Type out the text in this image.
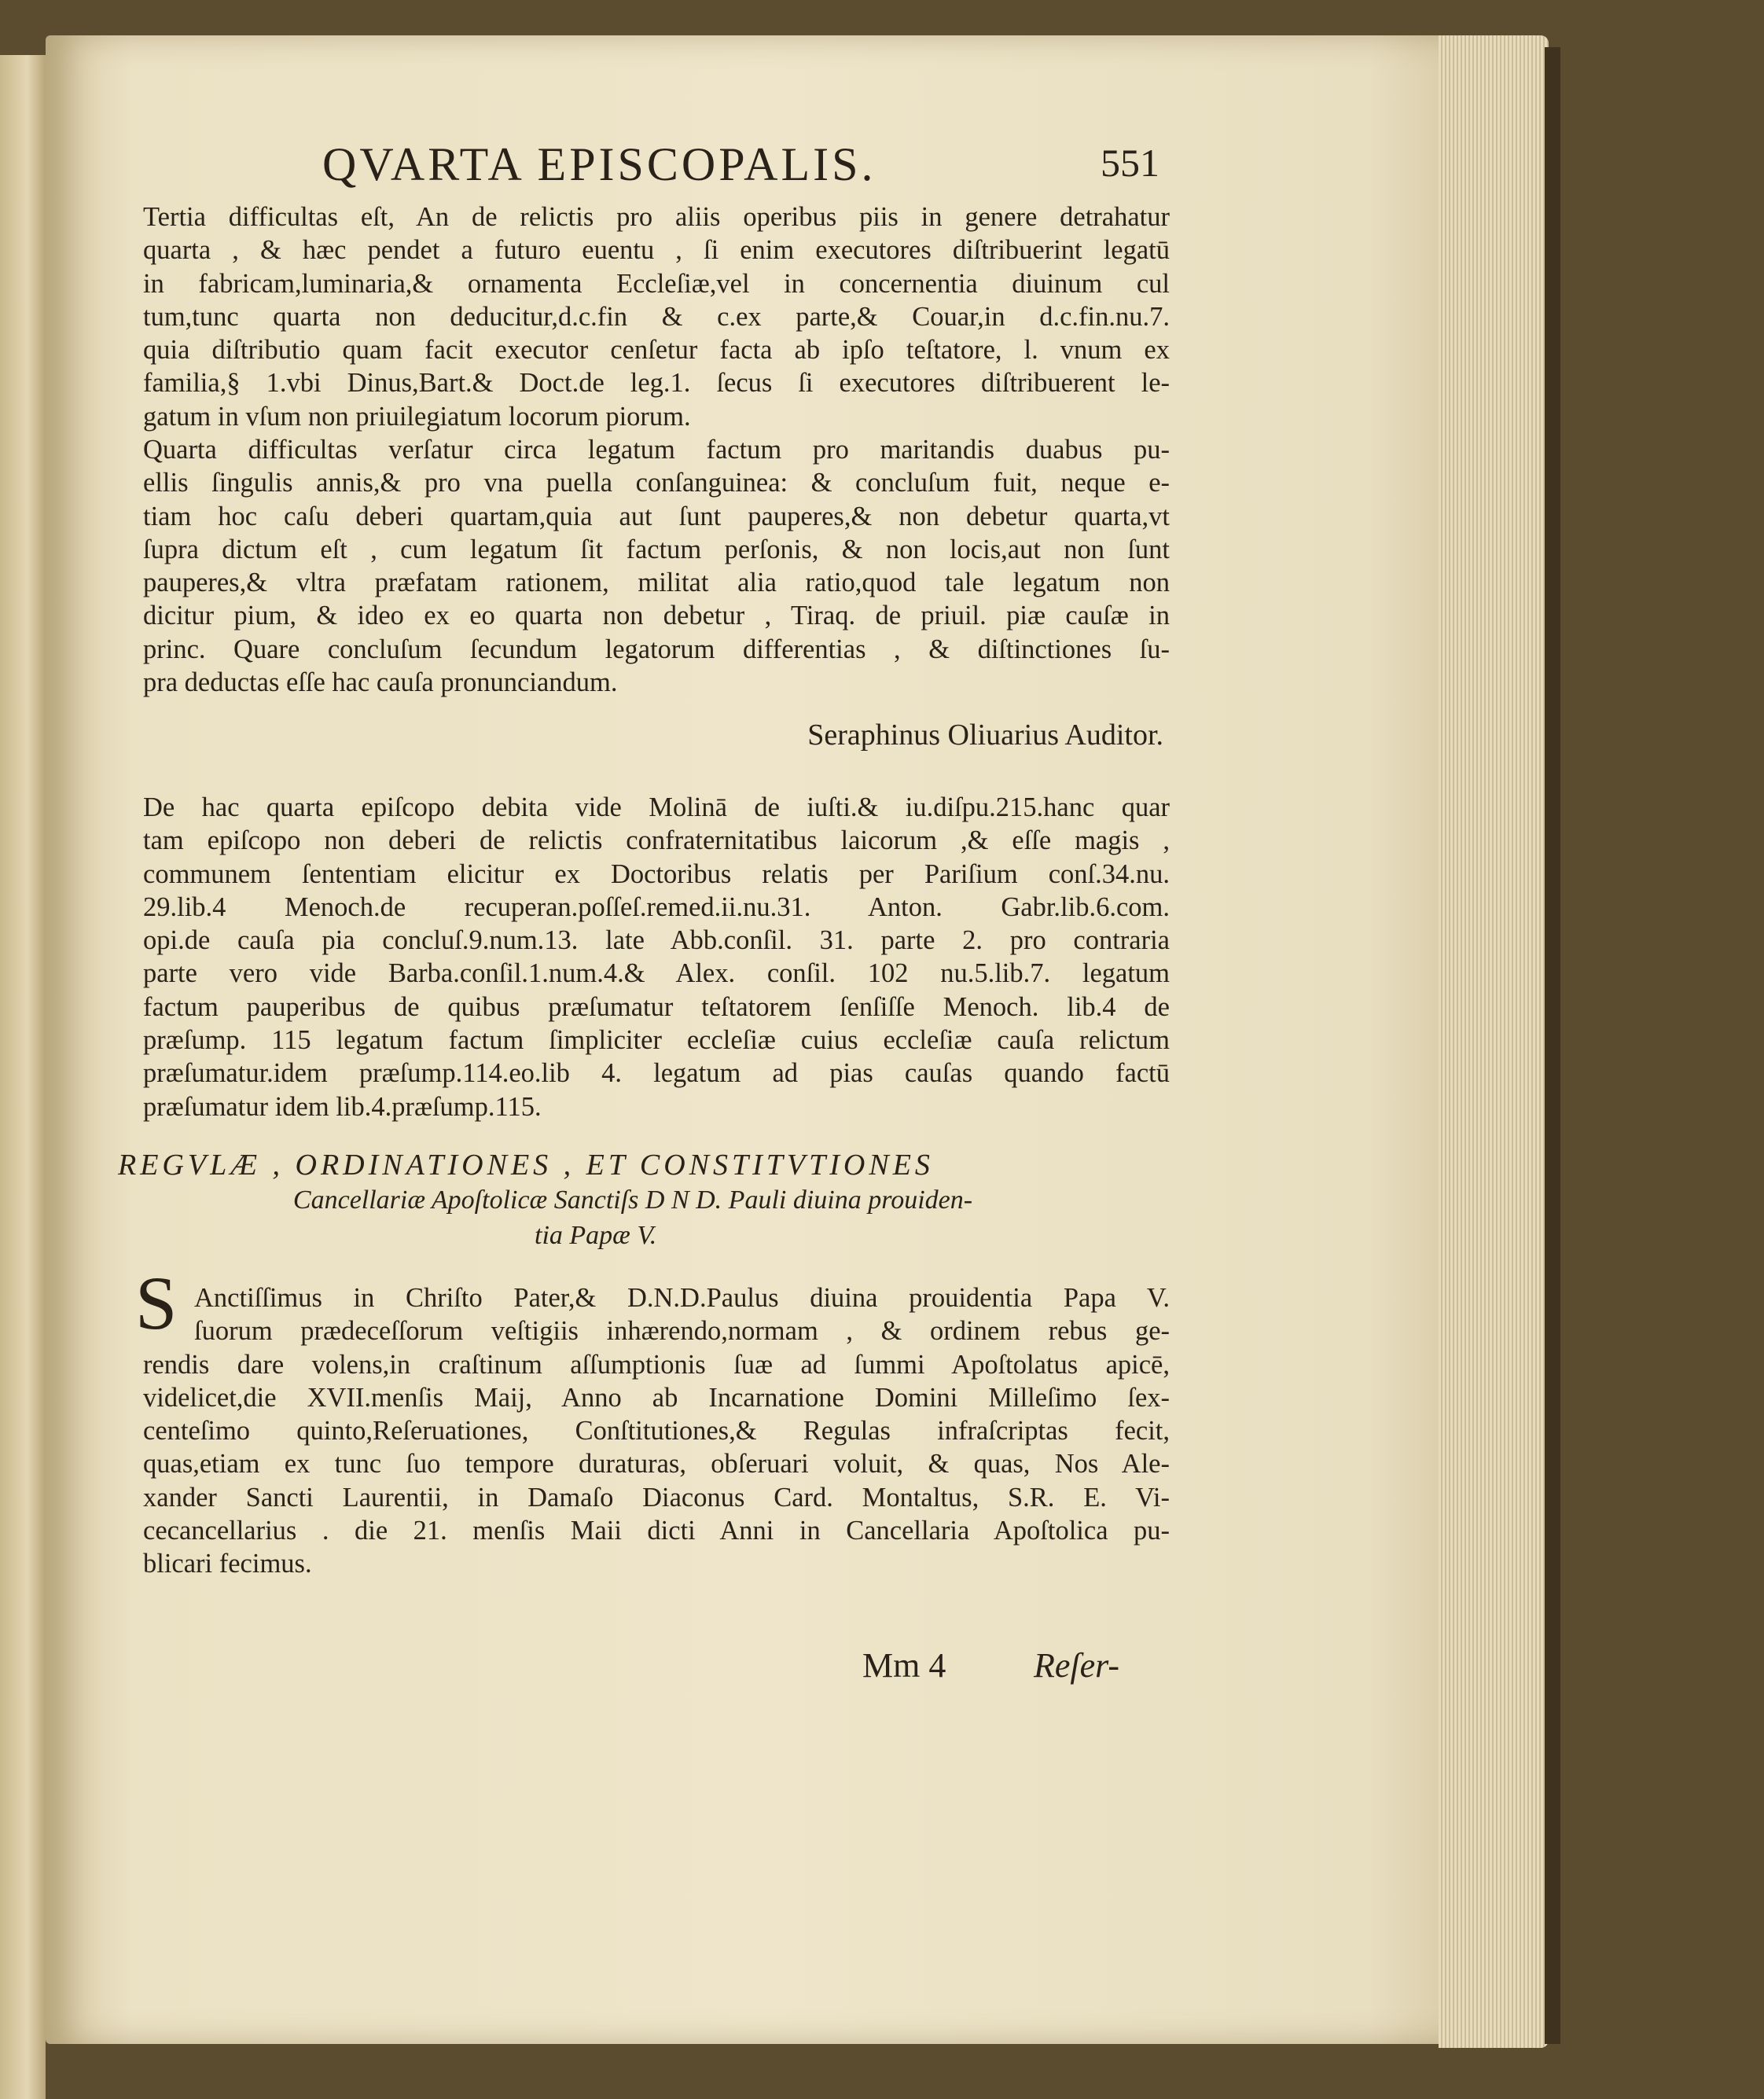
QVARTA EPISCOPALIS.	551
Tertia difficultas eſt, An de relictis pro aliis operibus piis in genere detrahatur
quarta , & hæc pendet a futuro euentu , ſi enim executores diſtribuerint legatū
in fabricam,luminaria,& ornamenta Eccleſiæ,vel in concernentia diuinum cul
tum,tunc quarta non deducitur,d.c.fin & c.ex parte,& Couar,in d.c.fin.nu.7.
quia diſtributio quam facit executor cenſetur facta ab ipſo teſtatore, l. vnum ex
familia,§ 1.vbi Dinus,Bart.& Doct.de leg.1. ſecus ſi executores diſtribuerent le-
gatum in vſum non priuilegiatum locorum piorum.
Quarta difficultas verſatur circa legatum factum pro maritandis duabus pu-
ellis ſingulis annis,& pro vna puella conſanguinea: & concluſum fuit, neque e-
tiam hoc caſu deberi quartam,quia aut ſunt pauperes,& non debetur quarta,vt
ſupra dictum eſt , cum legatum ſit factum perſonis, & non locis,aut non ſunt
pauperes,& vltra præfatam rationem, militat alia ratio,quod tale legatum non
dicitur pium, & ideo ex eo quarta non debetur , Tiraq. de priuil. piæ cauſæ in
princ. Quare concluſum ſecundum legatorum differentias , & diſtinctiones ſu-
pra deductas eſſe hac cauſa pronunciandum.
Seraphinus Oliuarius Auditor.
De hac quarta epiſcopo debita vide Molinā de iuſti.& iu.diſpu.215.hanc quar
tam epiſcopo non deberi de relictis confraternitatibus laicorum ,& eſſe magis ,
communem ſententiam elicitur ex Doctoribus relatis per Pariſium conſ.34.nu.
29.lib.4 Menoch.de recuperan.poſſeſ.remed.ii.nu.31. Anton. Gabr.lib.6.com.
opi.de cauſa pia concluſ.9.num.13. late Abb.conſil. 31. parte 2. pro contraria
parte vero vide Barba.conſil.1.num.4.& Alex. conſil. 102 nu.5.lib.7. legatum
factum pauperibus de quibus præſumatur teſtatorem ſenſiſſe Menoch. lib.4 de
præſump. 115 legatum factum ſimpliciter eccleſiæ cuius eccleſiæ cauſa relictum
præſumatur.idem præſump.114.eo.lib 4. legatum ad pias cauſas quando factū
præſumatur idem lib.4.præſump.115.
REGVLÆ , ORDINATIONES , ET CONSTITVTIONES
Cancellariæ Apoſtolicæ Sanctiſs D N D. Pauli diuina prouiden-
tia Papæ V.
S Anctiſſimus in Chriſto Pater,& D.N.D.Paulus diuina prouidentia Papa V.
ſuorum prædeceſſorum veſtigiis inhærendo,normam , & ordinem rebus ge-
rendis dare volens,in craſtinum aſſumptionis ſuæ ad ſummi Apoſtolatus apicē,
videlicet,die XVII.menſis Maij, Anno ab Incarnatione Domini Milleſimo ſex-
centeſimo quinto,Reſeruationes, Conſtitutiones,& Regulas infraſcriptas fecit,
quas,etiam ex tunc ſuo tempore duraturas, obſeruari voluit, & quas, Nos Ale-
xander Sancti Laurentii, in Damaſo Diaconus Card. Montaltus, S.R. E. Vi-
cecancellarius . die 21. menſis Maii dicti Anni in Cancellaria Apoſtolica pu-
blicari fecimus.
Mm 4	Reſer-
